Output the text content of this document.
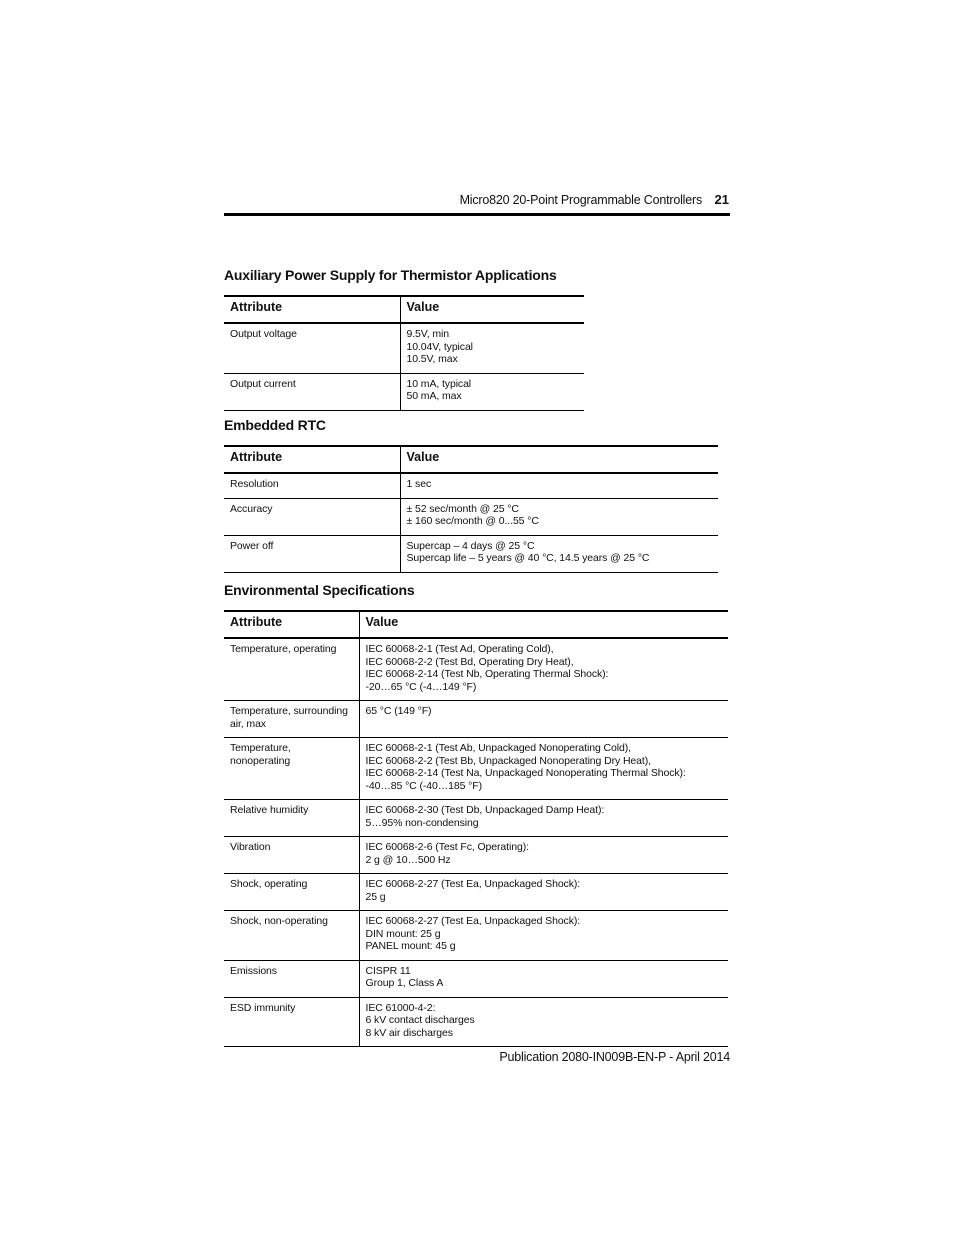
Micro820 20-Point Programmable Controllers 21
Auxiliary Power Supply for Thermistor Applications
Attribute	Value
Output voltage	9.5V, min
10.04V, typical
10.5V, max

Output current	10 mA, typical
50 mA, max
Embedded RTC
Attribute	Value
Resolution	1 sec

Accuracy	± 52 sec/month @ 25 °C
± 160 sec/month @ 0...55 °C

Power off	Supercap – 4 days @ 25 °C
Supercap life – 5 years @ 40 °C, 14.5 years @ 25 °C
Environmental Specifications
Attribute	Value
Temperature, operating	IEC 60068-2-1 (Test Ad, Operating Cold),
IEC 60068-2-2 (Test Bd, Operating Dry Heat),
IEC 60068-2-14 (Test Nb, Operating Thermal Shock):
-20…65 °C (-4…149 °F)

Temperature, surrounding air, max	65 °C (149 °F)

Temperature, nonoperating	IEC 60068-2-1 (Test Ab, Unpackaged Nonoperating Cold),
IEC 60068-2-2 (Test Bb, Unpackaged Nonoperating Dry Heat),
IEC 60068-2-14 (Test Na, Unpackaged Nonoperating Thermal Shock):
-40…85 °C (-40…185 °F)

Relative humidity	IEC 60068-2-30 (Test Db, Unpackaged Damp Heat):
5…95% non-condensing

Vibration	IEC 60068-2-6 (Test Fc, Operating):
2 g @ 10…500 Hz

Shock, operating	IEC 60068-2-27 (Test Ea, Unpackaged Shock):
25 g

Shock, non-operating	IEC 60068-2-27 (Test Ea, Unpackaged Shock):
DIN mount: 25 g
PANEL mount: 45 g

Emissions	CISPR 11
Group 1, Class A

ESD immunity	IEC 61000-4-2:
6 kV contact discharges
8 kV air discharges
Publication 2080-IN009B-EN-P - April 2014
